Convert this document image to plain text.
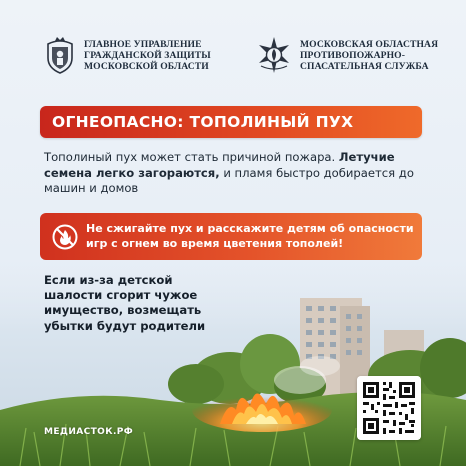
ГЛАВНОЕ УПРАВЛЕНИЕ
ГРАЖДАНСКОЙ ЗАЩИТЫ
МОСКОВСКОЙ ОБЛАСТИ
МОСКОВСКАЯ ОБЛАСТНАЯ
ПРОТИВОПОЖАРНО-
СПАСАТЕЛЬНАЯ СЛУЖБА
ОГНЕОПАСНО: ТОПОЛИНЫЙ ПУХ
Тополиный пух может стать причиной пожара. Летучие семена легко загораются, и пламя быстро добирается до машин и домов
Не сжигайте пух и расскажите детям об опасности игр с огнем во время цветения тополей!
Если из-за детской шалости сгорит чужое имущество, возмещать убытки будут родители
МЕДИАСТОК.РФ
